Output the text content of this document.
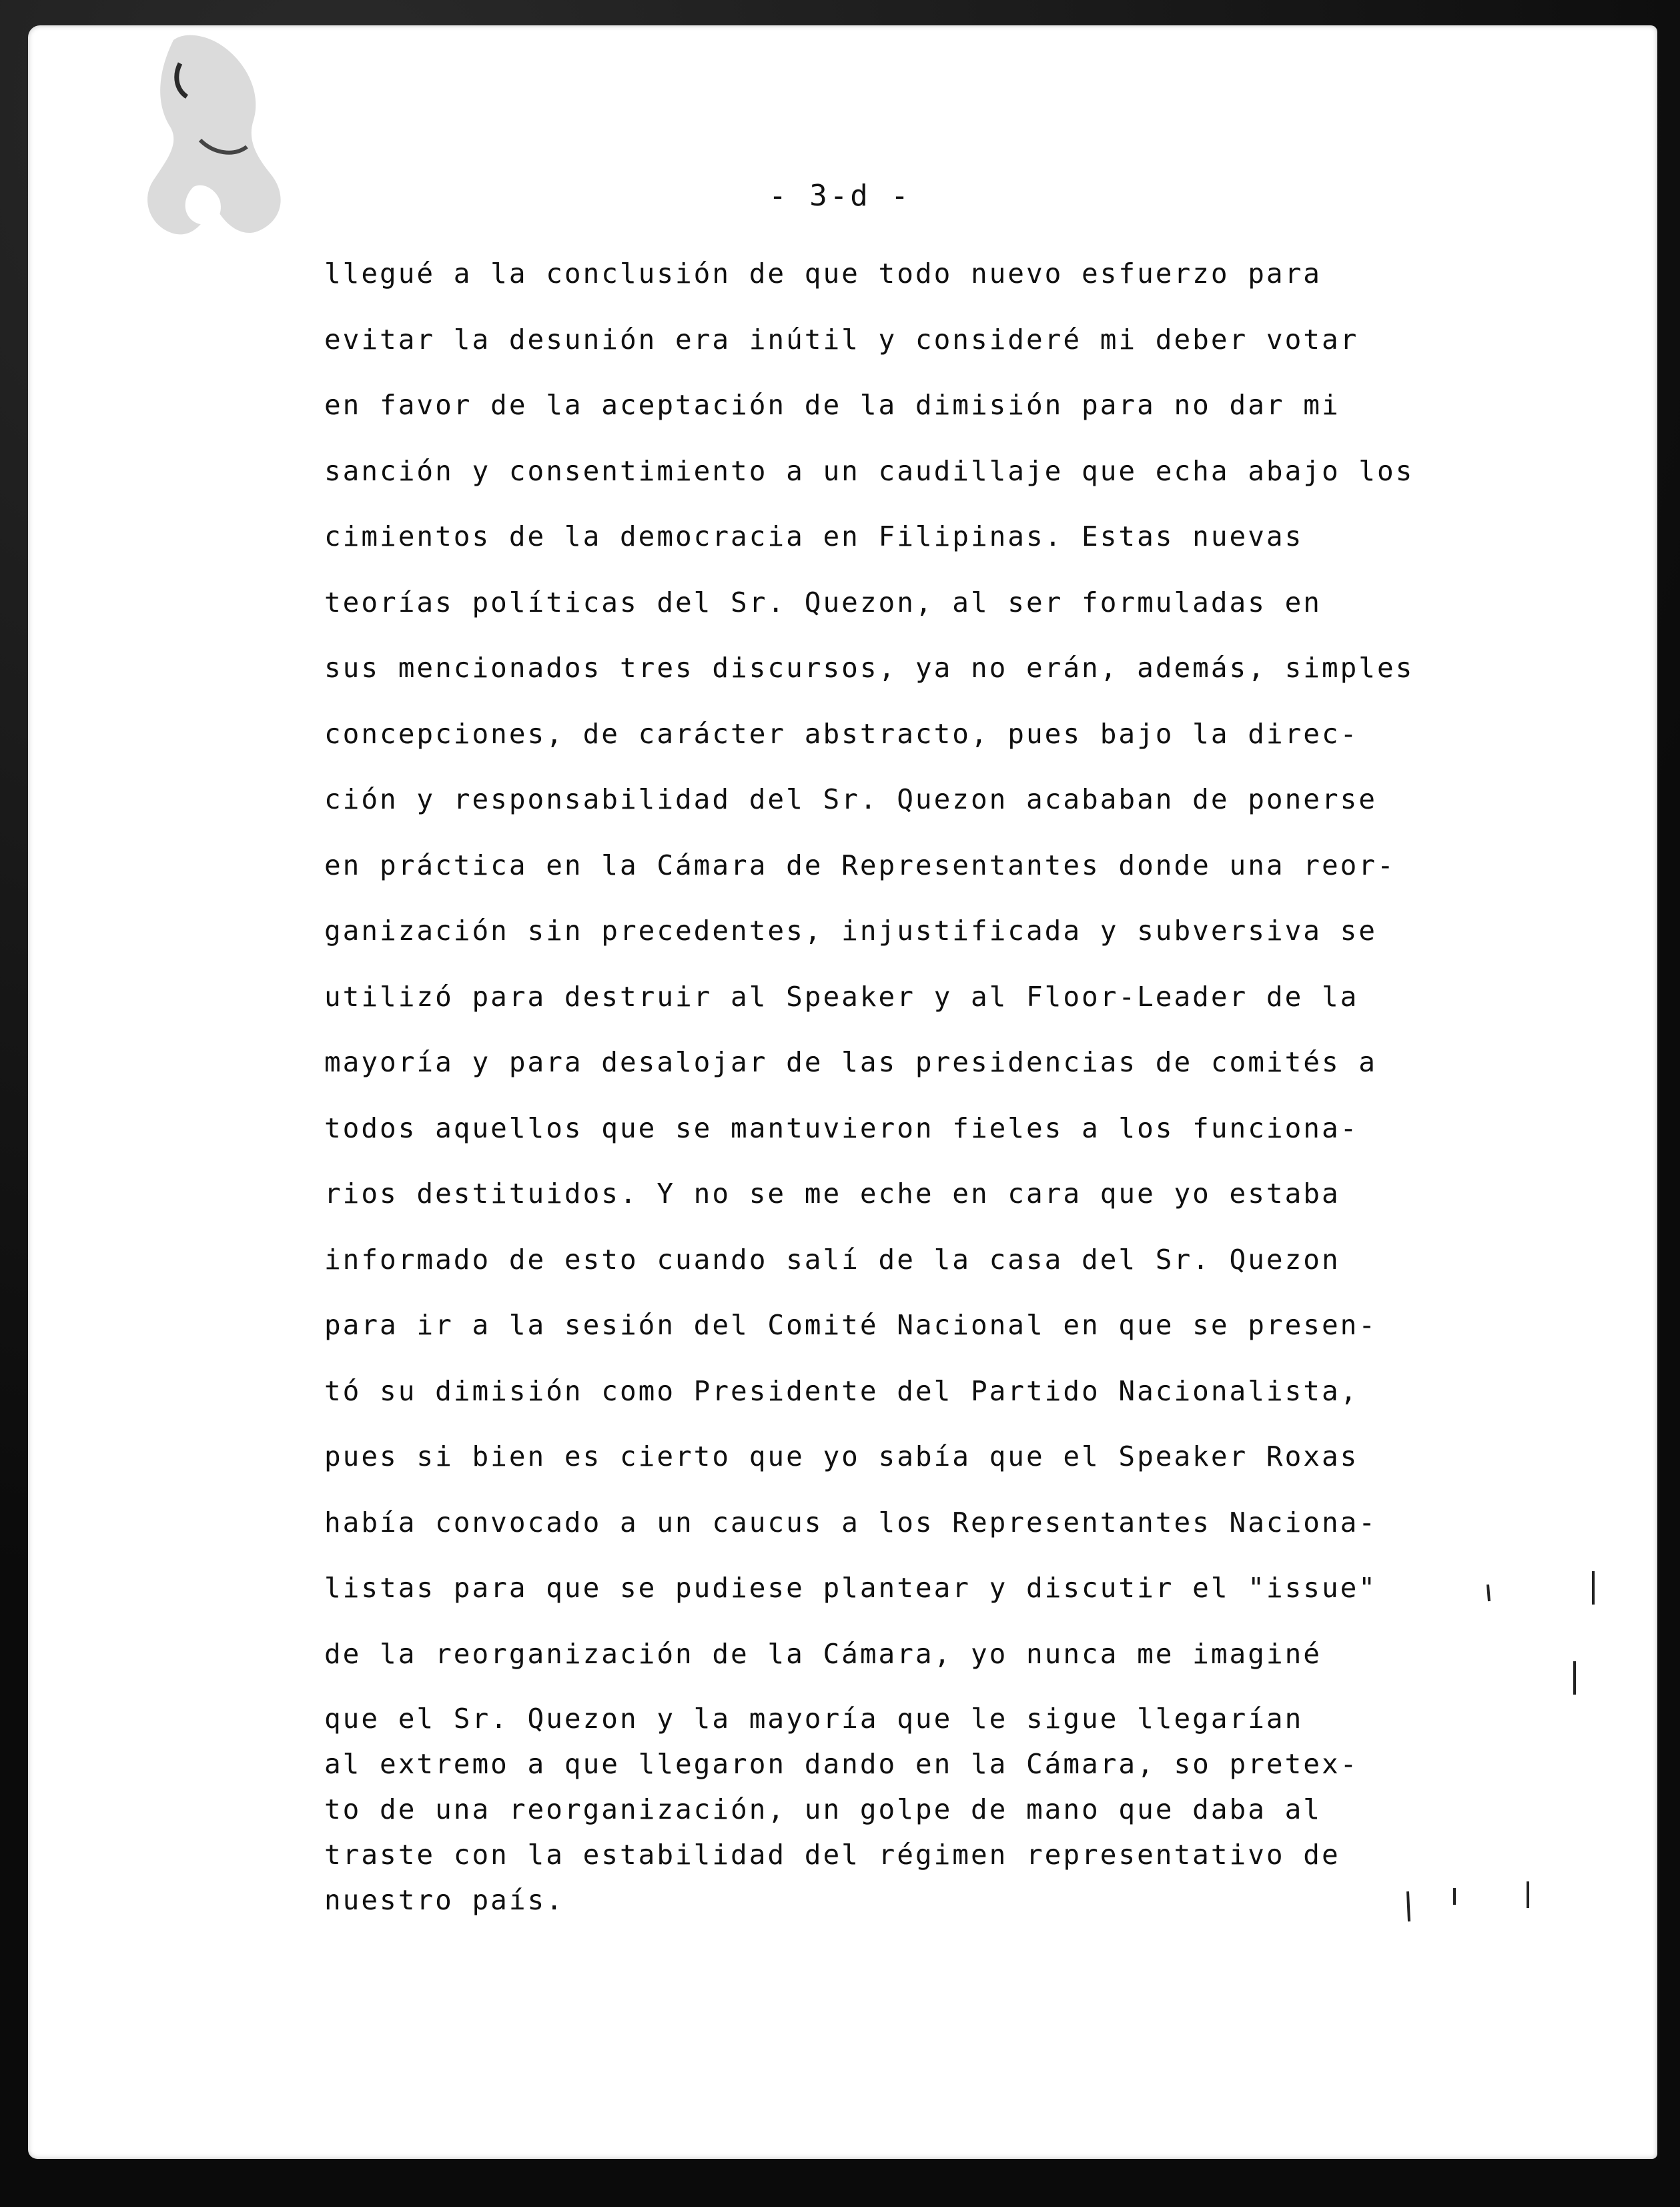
- 3-d -
llegué a la conclusión de que todo nuevo esfuerzo para
evitar la desunión era inútil y consideré mi deber votar
en favor de la aceptación de la dimisión para no dar mi
sanción y consentimiento a un caudillaje que echa abajo los
cimientos de la democracia en Filipinas. Estas nuevas
teorías políticas del Sr. Quezon, al ser formuladas en
sus mencionados tres discursos, ya no erán, además, simples
concepciones, de carácter abstracto, pues bajo la direc-
ción y responsabilidad del Sr. Quezon acababan de ponerse
en práctica en la Cámara de Representantes donde una reor-
ganización sin precedentes, injustificada y subversiva se
utilizó para destruir al Speaker y al Floor-Leader de la
mayoría y para desalojar de las presidencias de comités a
todos aquellos que se mantuvieron fieles a los funciona-
rios destituidos. Y no se me eche en cara que yo estaba
informado de esto cuando salí de la casa del Sr. Quezon
para ir a la sesión del Comité Nacional en que se presen-
tó su dimisión como Presidente del Partido Nacionalista,
pues si bien es cierto que yo sabía que el Speaker Roxas
había convocado a un caucus a los Representantes Naciona-
listas para que se pudiese plantear y discutir el "issue"
de la reorganización de la Cámara, yo nunca me imaginé
que el Sr. Quezon y la mayoría que le sigue llegarían
al extremo a que llegaron dando en la Cámara, so pretex-
to de una reorganización, un golpe de mano que daba al
traste con la estabilidad del régimen representativo de
nuestro país.
